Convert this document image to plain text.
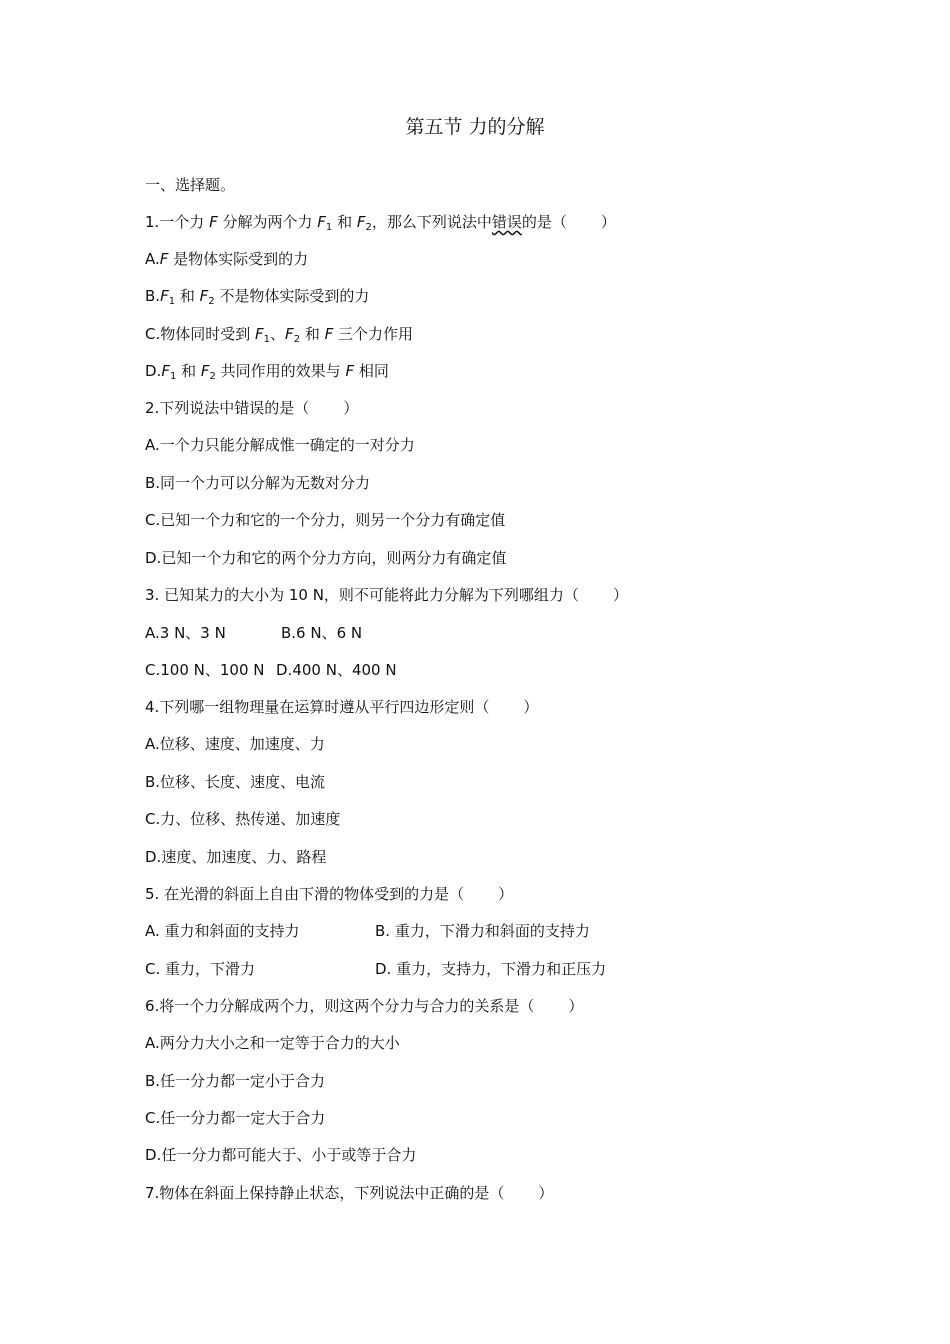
第五节 力的分解
一、选择题。
1.一个力 F 分解为两个力 $F_1$ 和 $F_2$，那么下列说法中错误的是（ ）
A.F 是物体实际受到的力
$B.F_1$ 和 $F_2$ 不是物体实际受到的力
C.物体同时受到 $F_1$、$F_2$ 和 F 三个力作用
$D.F_1$ 和 $F_2$ 共同作用的效果与 F 相同
2.下列说法中错误的是（ ）
A.一个力只能分解成惟一确定的一对分力
B.同一个力可以分解为无数对分力
C.已知一个力和它的一个分力，则另一个分力有确定值
D.已知一个力和它的两个分力方向，则两分力有确定值
3. 已知某力的大小为 10 N，则不可能将此力分解为下列哪组力（ ）
A.3 N、3 N	B.6 N、6 N
C.100 N、100 N D.400 N、400 N
4.下列哪一组物理量在运算时遵从平行四边形定则（ ）
A.位移、速度、加速度、力
B.位移、长度、速度、电流
C.力、位移、热传递、加速度
D.速度、加速度、力、路程
5. 在光滑的斜面上自由下滑的物体受到的力是（ ）
A. 重力和斜面的支持力	B. 重力，下滑力和斜面的支持力
C. 重力，下滑力	D. 重力，支持力，下滑力和正压力
6.将一个力分解成两个力，则这两个分力与合力的关系是（ ）
A.两分力大小之和一定等于合力的大小
B.任一分力都一定小于合力
C.任一分力都一定大于合力
D.任一分力都可能大于、小于或等于合力
7.物体在斜面上保持静止状态，下列说法中正确的是（ ）
